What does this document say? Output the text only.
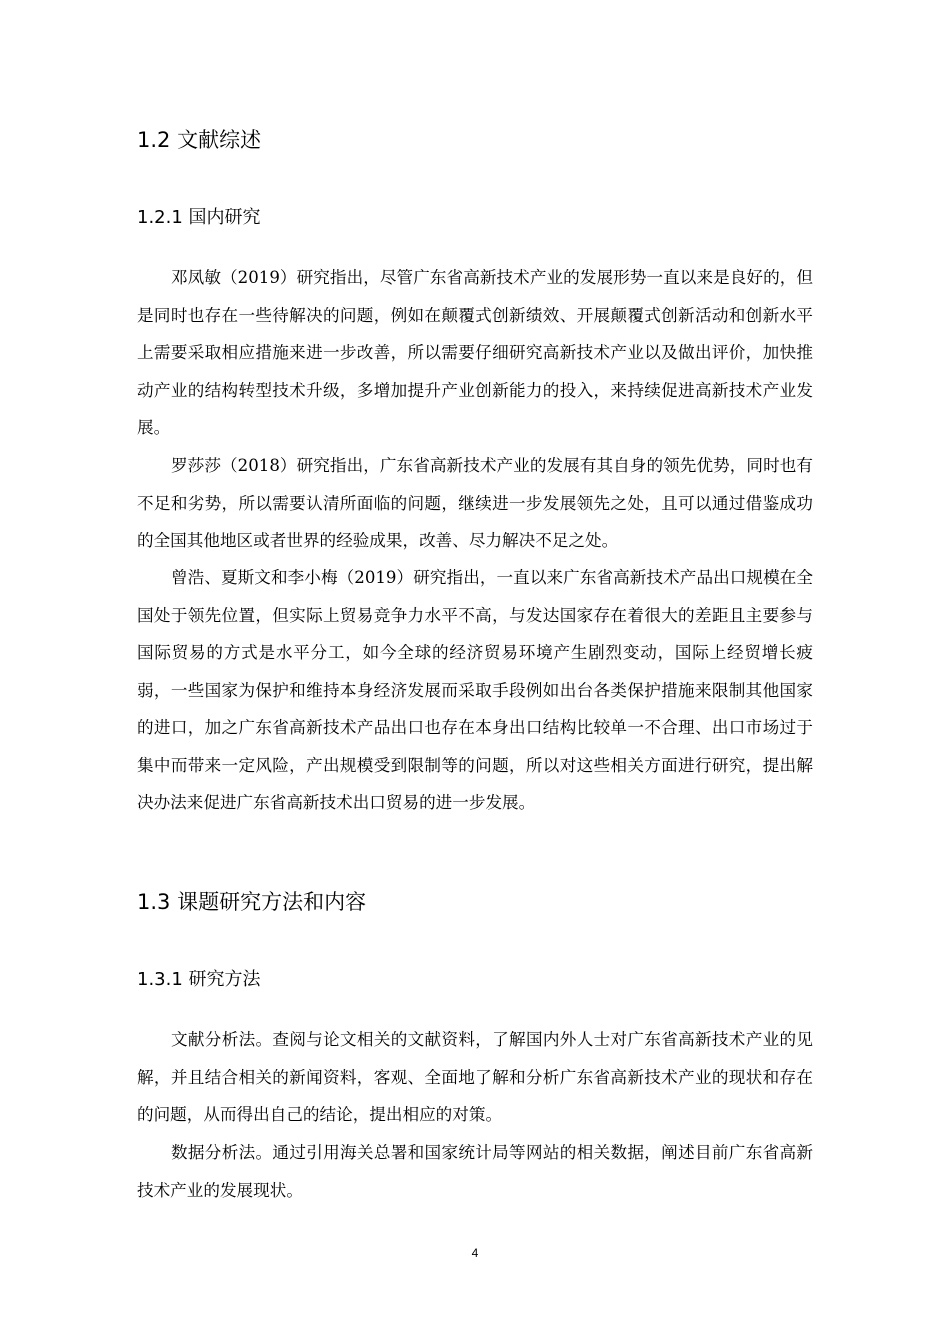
1.2 文献综述
1.2.1 国内研究

邓凤敏（2019）研究指出，尽管广东省高新技术产业的发展形势一直以来是良好的，但是同时也存在一些待解决的问题，例如在颠覆式创新绩效、开展颠覆式创新活动和创新水平上需要采取相应措施来进一步改善，所以需要仔细研究高新技术产业以及做出评价，加快推动产业的结构转型技术升级，多增加提升产业创新能力的投入，来持续促进高新技术产业发展。

罗莎莎（2018）研究指出，广东省高新技术产业的发展有其自身的领先优势，同时也有不足和劣势，所以需要认清所面临的问题，继续进一步发展领先之处，且可以通过借鉴成功的全国其他地区或者世界的经验成果，改善、尽力解决不足之处。

曾浩、夏斯文和李小梅（2019）研究指出，一直以来广东省高新技术产品出口规模在全国处于领先位置，但实际上贸易竞争力水平不高，与发达国家存在着很大的差距且主要参与国际贸易的方式是水平分工，如今全球的经济贸易环境产生剧烈变动，国际上经贸增长疲弱，一些国家为保护和维持本身经济发展而采取手段例如出台各类保护措施来限制其他国家的进口，加之广东省高新技术产品出口也存在本身出口结构比较单一不合理、出口市场过于集中而带来一定风险，产出规模受到限制等的问题，所以对这些相关方面进行研究，提出解决办法来促进广东省高新技术出口贸易的进一步发展。

1.3 课题研究方法和内容
1.3.1 研究方法

文献分析法。查阅与论文相关的文献资料，了解国内外人士对广东省高新技术产业的见解，并且结合相关的新闻资料，客观、全面地了解和分析广东省高新技术产业的现状和存在的问题，从而得出自己的结论，提出相应的对策。

数据分析法。通过引用海关总署和国家统计局等网站的相关数据，阐述目前广东省高新技术产业的发展现状。

4
